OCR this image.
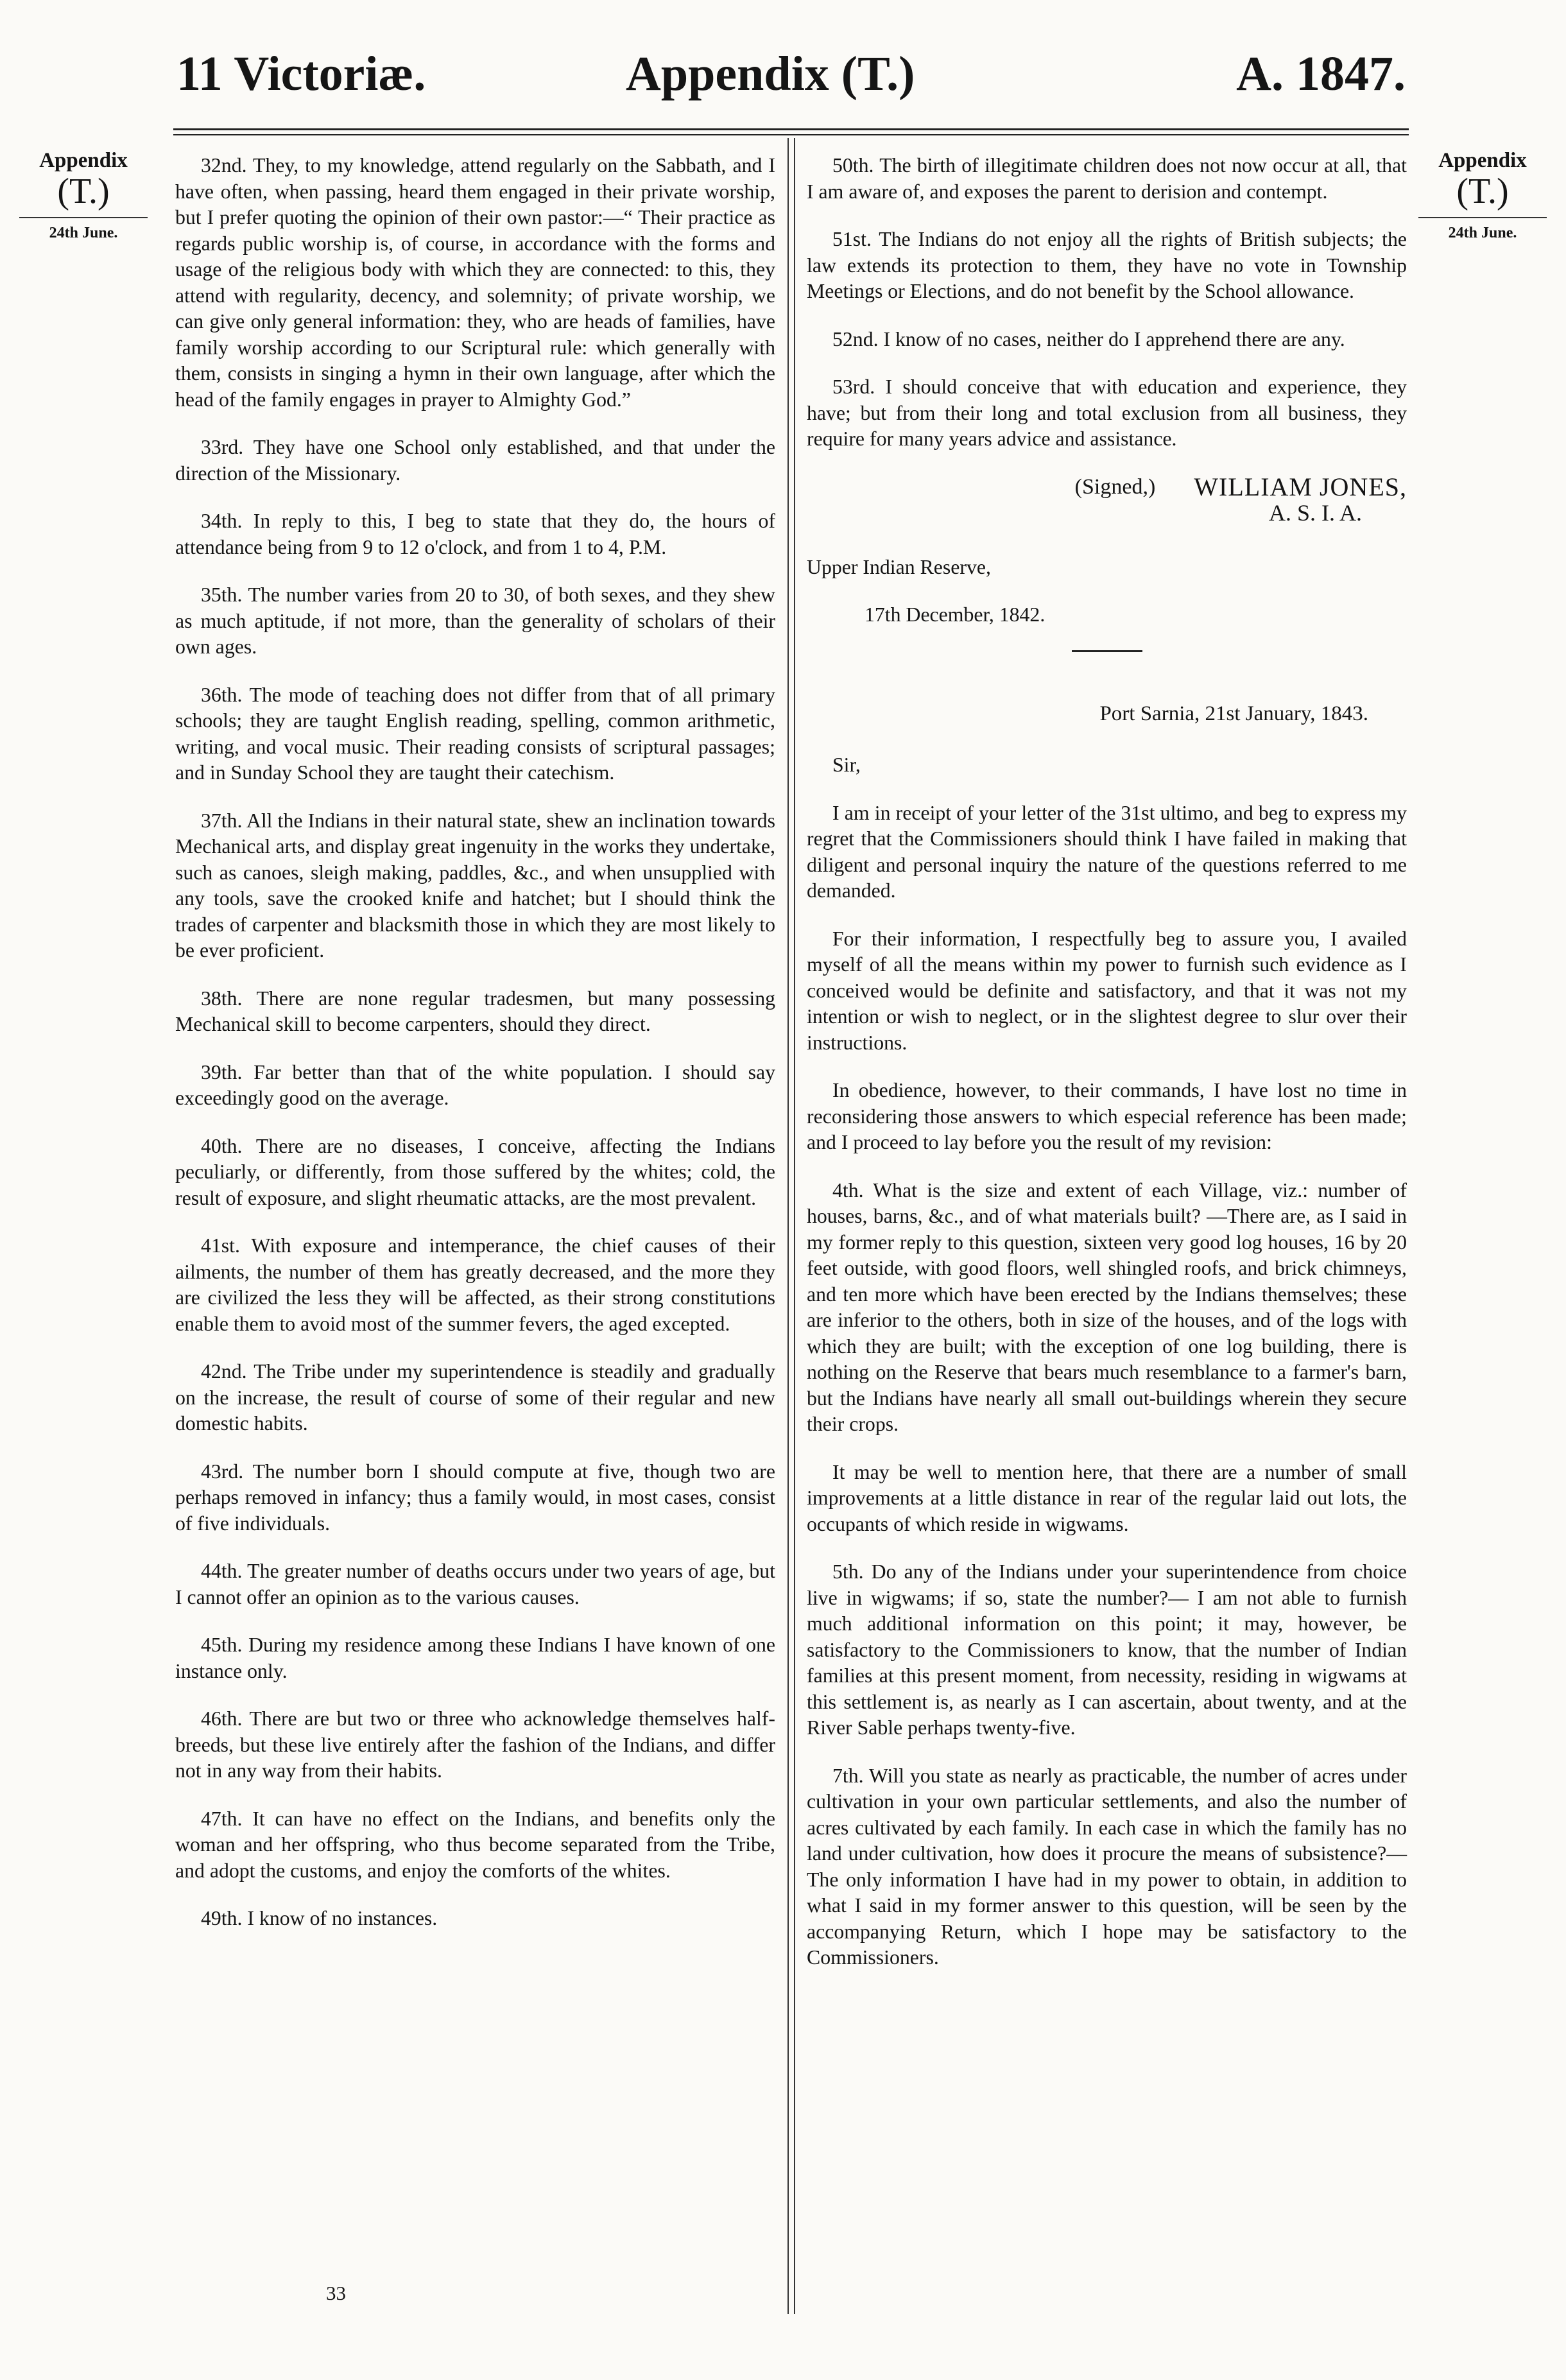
11 Victoriæ.	Appendix (T.)	A. 1847.
Appendix
(T.)
24th June.
Appendix
(T.)
24th June.

32nd. They, to my knowledge, attend regularly on the Sabbath, and I have often, when passing, heard them engaged in their private worship, but I prefer quoting the opinion of their own pastor:—“ Their practice as regards public worship is, of course, in accordance with the forms and usage of the religious body with which they are connected: to this, they attend with regularity, decency, and solemnity; of private worship, we can give only general information: they, who are heads of families, have family worship according to our Scriptural rule: which generally with them, consists in singing a hymn in their own language, after which the head of the family engages in prayer to Almighty God.”

33rd. They have one School only established, and that under the direction of the Missionary.

34th. In reply to this, I beg to state that they do, the hours of attendance being from 9 to 12 o'clock, and from 1 to 4, P.M.

35th. The number varies from 20 to 30, of both sexes, and they shew as much aptitude, if not more, than the generality of scholars of their own ages.

36th. The mode of teaching does not differ from that of all primary schools; they are taught English reading, spelling, common arithmetic, writing, and vocal music. Their reading consists of scriptural passages; and in Sunday School they are taught their catechism.

37th. All the Indians in their natural state, shew an inclination towards Mechanical arts, and display great ingenuity in the works they undertake, such as canoes, sleigh making, paddles, &c., and when unsupplied with any tools, save the crooked knife and hatchet; but I should think the trades of carpenter and blacksmith those in which they are most likely to be ever proficient.

38th. There are none regular tradesmen, but many possessing Mechanical skill to become carpenters, should they direct.

39th. Far better than that of the white population. I should say exceedingly good on the average.

40th. There are no diseases, I conceive, affecting the Indians peculiarly, or differently, from those suffered by the whites; cold, the result of exposure, and slight rheumatic attacks, are the most prevalent.

41st. With exposure and intemperance, the chief causes of their ailments, the number of them has greatly decreased, and the more they are civilized the less they will be affected, as their strong constitutions enable them to avoid most of the summer fevers, the aged excepted.

42nd. The Tribe under my superintendence is steadily and gradually on the increase, the result of course of some of their regular and new domestic habits.

43rd. The number born I should compute at five, though two are perhaps removed in infancy; thus a family would, in most cases, consist of five individuals.

44th. The greater number of deaths occurs under two years of age, but I cannot offer an opinion as to the various causes.

45th. During my residence among these Indians I have known of one instance only.

46th. There are but two or three who acknowledge themselves half-breeds, but these live entirely after the fashion of the Indians, and differ not in any way from their habits.

47th. It can have no effect on the Indians, and benefits only the woman and her offspring, who thus become separated from the Tribe, and adopt the customs, and enjoy the comforts of the whites.

49th. I know of no instances.

50th. The birth of illegitimate children does not now occur at all, that I am aware of, and exposes the parent to derision and contempt.

51st. The Indians do not enjoy all the rights of British subjects; the law extends its protection to them, they have no vote in Township Meetings or Elections, and do not benefit by the School allowance.

52nd. I know of no cases, neither do I apprehend there are any.

53rd. I should conceive that with education and experience, they have; but from their long and total exclusion from all business, they require for many years advice and assistance.

(Signed,) WILLIAM JONES,
A. S. I. A.

Upper Indian Reserve,

17th December, 1842.

Port Sarnia, 21st January, 1843.

Sir,

I am in receipt of your letter of the 31st ultimo, and beg to express my regret that the Commissioners should think I have failed in making that diligent and personal inquiry the nature of the questions referred to me demanded.

For their information, I respectfully beg to assure you, I availed myself of all the means within my power to furnish such evidence as I conceived would be definite and satisfactory, and that it was not my intention or wish to neglect, or in the slightest degree to slur over their instructions.

In obedience, however, to their commands, I have lost no time in reconsidering those answers to which especial reference has been made; and I proceed to lay before you the result of my revision:

4th. What is the size and extent of each Village, viz.: number of houses, barns, &c., and of what materials built? —There are, as I said in my former reply to this question, sixteen very good log houses, 16 by 20 feet outside, with good floors, well shingled roofs, and brick chimneys, and ten more which have been erected by the Indians themselves; these are inferior to the others, both in size of the houses, and of the logs with which they are built; with the exception of one log building, there is nothing on the Reserve that bears much resemblance to a farmer's barn, but the Indians have nearly all small out-buildings wherein they secure their crops.

It may be well to mention here, that there are a number of small improvements at a little distance in rear of the regular laid out lots, the occupants of which reside in wigwams.

5th. Do any of the Indians under your superintendence from choice live in wigwams; if so, state the number?— I am not able to furnish much additional information on this point; it may, however, be satisfactory to the Commissioners to know, that the number of Indian families at this present moment, from necessity, residing in wigwams at this settlement is, as nearly as I can ascertain, about twenty, and at the River Sable perhaps twenty-five.

7th. Will you state as nearly as practicable, the number of acres under cultivation in your own particular settlements, and also the number of acres cultivated by each family. In each case in which the family has no land under cultivation, how does it procure the means of subsistence?—The only information I have had in my power to obtain, in addition to what I said in my former answer to this question, will be seen by the accompanying Return, which I hope may be satisfactory to the Commissioners.

33
